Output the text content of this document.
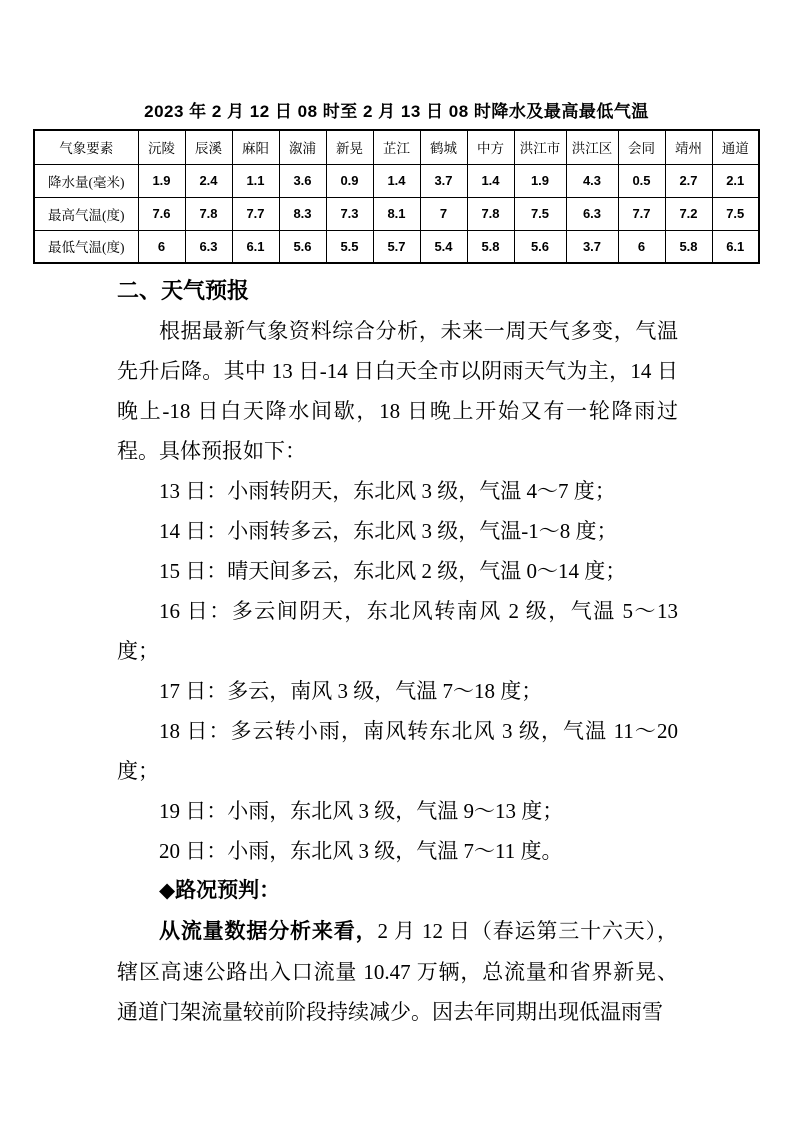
2023 年 2 月 12 日 08 时至 2 月 13 日 08 时降水及最高最低气温
气象要素	沅陵	辰溪	麻阳	溆浦	新晃	芷江	鹤城	中方	洪江市	洪江区	会同	靖州	通道
降水量(毫米)	1.9	2.4	1.1	3.6	0.9	1.4	3.7	1.4	1.9	4.3	0.5	2.7	2.1
最高气温(度)	7.6	7.8	7.7	8.3	7.3	8.1	7	7.8	7.5	6.3	7.7	7.2	7.5
最低气温(度)	6	6.3	6.1	5.6	5.5	5.7	5.4	5.8	5.6	3.7	6	5.8	6.1
二、天气预报

根据最新气象资料综合分析，未来一周天气多变，气温先升后降。其中 13 日-14 日白天全市以阴雨天气为主，14 日晚上-18 日白天降水间歇，18 日晚上开始又有一轮降雨过程。具体预报如下：

13 日：小雨转阴天，东北风 3 级，气温 4～7 度；

14 日：小雨转多云，东北风 3 级，气温-1～8 度；

15 日：晴天间多云，东北风 2 级，气温 0～14 度；

16 日：多云间阴天，东北风转南风 2 级，气温 5～13 度；

17 日：多云，南风 3 级，气温 7～18 度；

18 日：多云转小雨，南风转东北风 3 级，气温 11～20 度；

19 日：小雨，东北风 3 级，气温 9～13 度；

20 日：小雨，东北风 3 级，气温 7～11 度。

◆路况预判：

从流量数据分析来看，2 月 12 日（春运第三十六天），辖区高速公路出入口流量 10.47 万辆，总流量和省界新晃、通道门架流量较前阶段持续减少。因去年同期出现低温雨雪
